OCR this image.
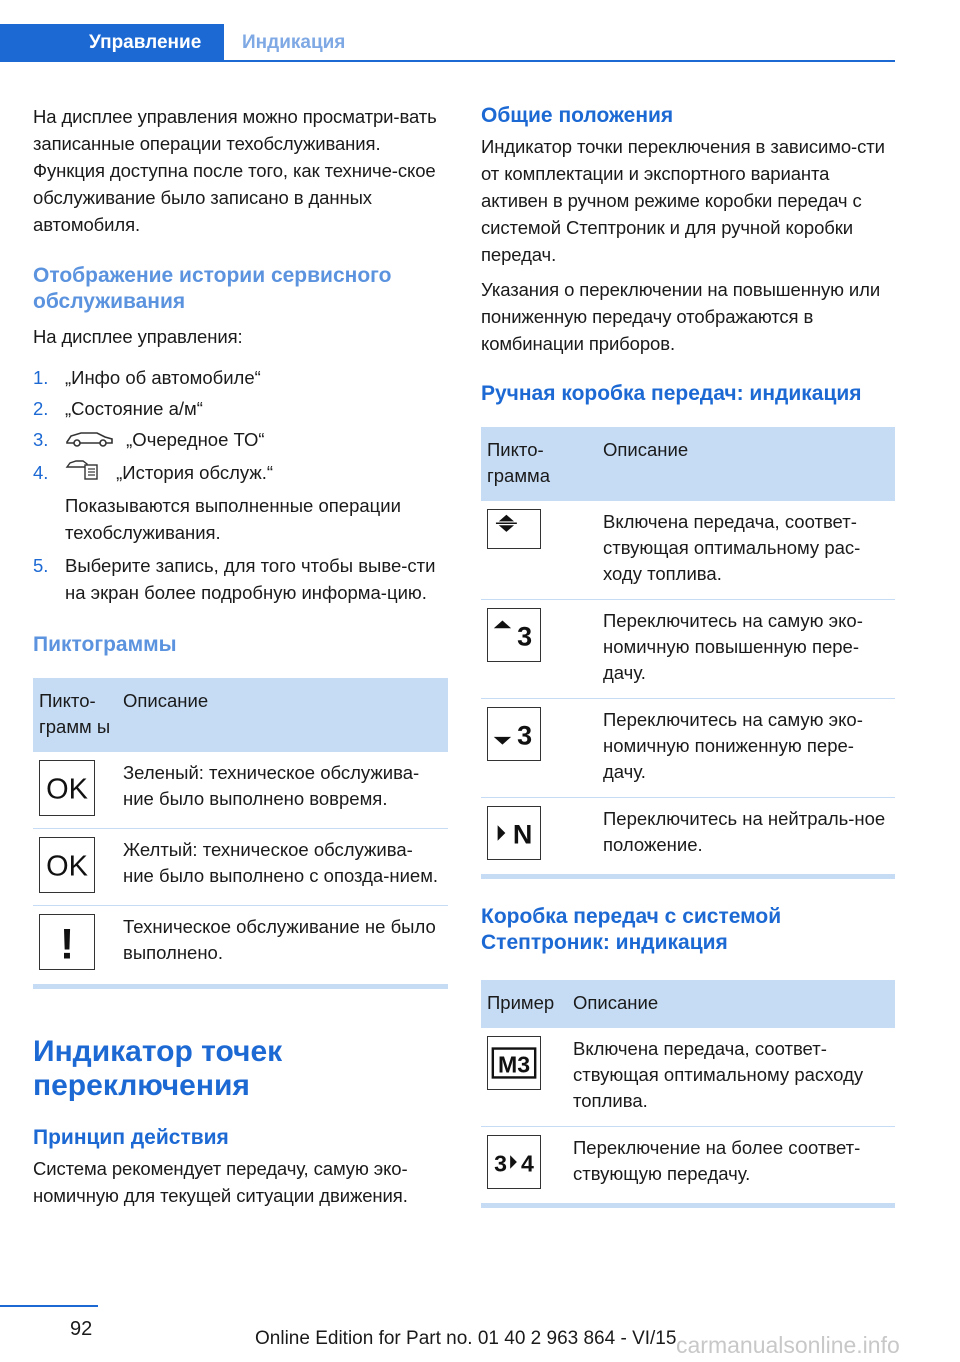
Управление	Индикация

На дисплее управления можно просматри-вать записанные операции техобслуживания. Функция доступна после того, как техниче-ское обслуживание было записано в данных автомобиля.

Отображение истории сервисного обслуживания

На дисплее управления:

1. „Инфо об автомобиле“
2. „Состояние а/м“
3.	„Очередное ТО“
4.	„История обслуж.“
Показываются выполненные операции техобслуживания.
5. Выберите запись, для того чтобы выве-сти на экран более подробную информа-цию.
Пиктограммы
Пикто-грамм ы	Описание

OK	Зеленый: техническое обслужива-ние было выполнено вовремя.

OK	Желтый: техническое обслужива-ние было выполнено с опозда-нием.

!	Техническое обслуживание не было выполнено.
Индикатор точек переключения
Принцип действия

Система рекомендует передачу, самую эко-номичную для текущей ситуации движения.

Общие положения

Индикатор точки переключения в зависимо-сти от комплектации и экспортного варианта активен в ручном режиме коробки передач с системой Стептроник и для ручной коробки передач.

Указания о переключении на повышенную или пониженную передачу отображаются в комбинации приборов.

Ручная коробка передач: индикация
Пикто-грамма	Описание

	Включена передача, соответ-ствующая оптимальному рас-ходу топлива.

3	Переключитесь на самую эко-номичную повышенную пере-дачу.

3	Переключитесь на самую эко-номичную пониженную пере-дачу.

N	Переключитесь на нейтраль-ное положение.
Коробка передач с системой Стептроник: индикация
Пример	Описание

M3	Включена передача, соответ-ствующая оптимальному расходу топлива.

3 4	Переключение на более соответ-ствующую передачу.
92	Online Edition for Part no. 01 40 2 963 864 - VI/15 carmanualsonline.info
